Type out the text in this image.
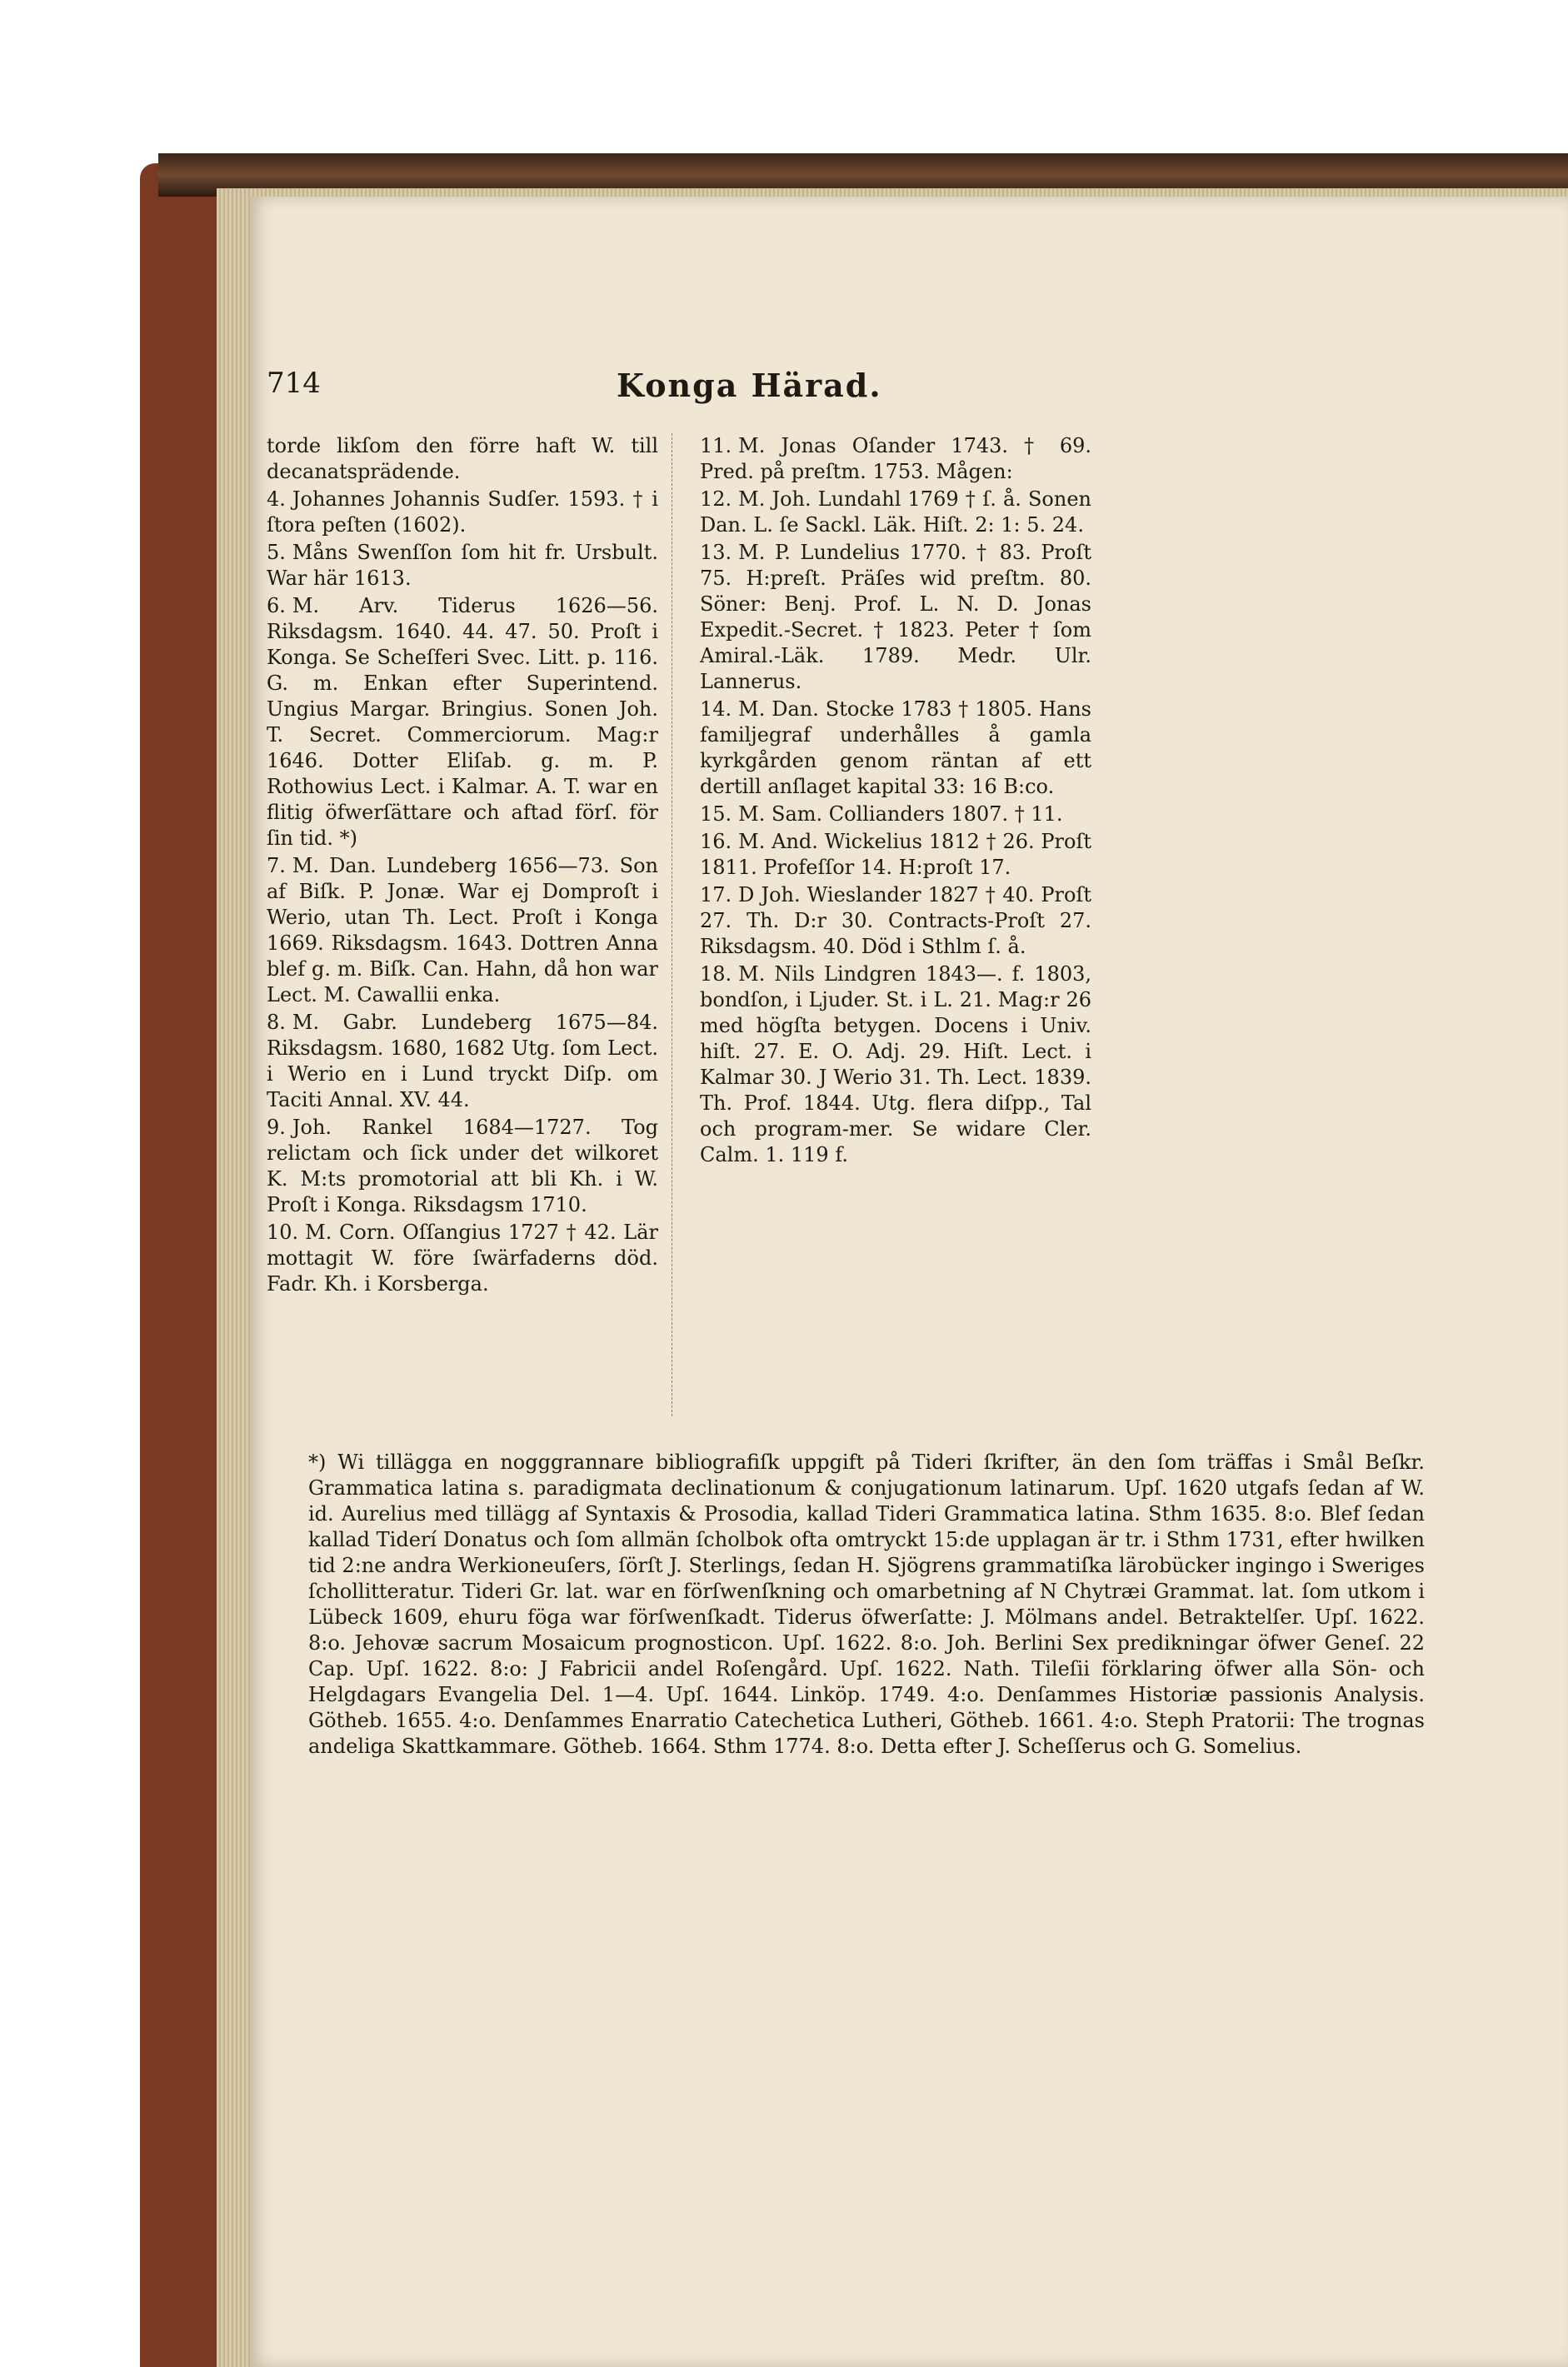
714	Konga Härad.

torde likſom den förre haft W. till decanatsprädende.

4. Johannes Johannis Sudſer. 1593. † i ſtora peſten (1602).

5. Måns Swenſſon ſom hit fr. Ursbult. War här 1613.

6. M. Arv. Tiderus 1626—56. Riksdagsm. 1640. 44. 47. 50. Proſt i Konga. Se Scheſferi Svec. Litt. p. 116. G. m. Enkan efter Superintend. Ungius Margar. Bringius. Sonen Joh. T. Secret. Commerciorum. Mag:r 1646. Dotter Eliſab. g. m. P. Rothowius Lect. i Kalmar. A. T. war en flitig öfwerſättare och aftad förſ. för ſin tid. *)

7. M. Dan. Lundeberg 1656—73. Son af Biſk. P. Jonæ. War ej Domproſt i Werio, utan Th. Lect. Proſt i Konga 1669. Riksdagsm. 1643. Dottren Anna blef g. m. Biſk. Can. Hahn, då hon war Lect. M. Cawallii enka.

8. M. Gabr. Lundeberg 1675—84. Riksdagsm. 1680, 1682 Utg. ſom Lect. i Werio en i Lund tryckt Diſp. om Taciti Annal. XV. 44.

9. Joh. Rankel 1684—1727. Tog relictam och ſick under det wilkoret K. M:ts promotorial att bli Kh. i W. Proſt i Konga. Riksdagsm 1710.

10. M. Corn. Oſſangius 1727 † 42. Lär mottagit W. före ſwärfaderns död. Fadr. Kh. i Korsberga.

11. M. Jonas Oſander 1743. † 69. Pred. på preſtm. 1753. Mågen:

12. M. Joh. Lundahl 1769 † ſ. å. Sonen Dan. L. ſe Sackl. Läk. Hiſt. 2: 1: 5. 24.

13. M. P. Lundelius 1770. † 83. Proſt 75. H:preſt. Präſes wid preſtm. 80. Söner: Benj. Prof. L. N. D. Jonas Expedit.-Secret. † 1823. Peter † ſom Amiral.-Läk. 1789. Medr. Ulr. Lannerus.

14. M. Dan. Stocke 1783 † 1805. Hans familjegraf underhålles å gamla kyrkgården genom räntan af ett dertill anſlaget kapital 33: 16 B:co.

15. M. Sam. Collianders 1807. † 11.

16. M. And. Wickelius 1812 † 26. Proſt 1811. Profeſſor 14. H:proſt 17.

17. D Joh. Wieslander 1827 † 40. Proſt 27. Th. D:r 30. Contracts-Proſt 27. Riksdagsm. 40. Död i Sthlm ſ. å.

18. M. Nils Lindgren 1843—. f. 1803, bondſon, i Ljuder. St. i L. 21. Mag:r 26 med högſta betygen. Docens i Univ. hiſt. 27. E. O. Adj. 29. Hiſt. Lect. i Kalmar 30. J Werio 31. Th. Lect. 1839. Th. Prof. 1844. Utg. flera diſpp., Tal och program-mer. Se widare Cler. Calm. 1. 119 f.

*) Wi tillägga en nogggrannare bibliografiſk uppgift på Tideri ſkrifter, än den ſom träffas i Smål Beſkr. Grammatica latina s. paradigmata declinationum & conjugationum latinarum. Upſ. 1620 utgafs ſedan af W. id. Aurelius med tillägg af Syntaxis & Prosodia, kallad Tideri Grammatica latina. Sthm 1635. 8:o. Blef ſedan kallad Tiderí Donatus och ſom allmän ſcholbok ofta omtryckt 15:de upplagan är tr. i Sthm 1731, efter hwilken tid 2:ne andra Werkioneuſers, ſörſt J. Sterlings, ſedan H. Sjögrens grammatiſka lärobücker ingingo i Sweriges ſchollitteratur. Tideri Gr. lat. war en förſwenſkning och omarbetning af N Chytræi Grammat. lat. ſom utkom i Lübeck 1609, ehuru föga war förſwenſkadt. Tiderus öfwerſatte: J. Mölmans andel. Betraktelſer. Upſ. 1622. 8:o. Jehovæ sacrum Mosaicum prognosticon. Upſ. 1622. 8:o. Joh. Berlini Sex predikningar öfwer Geneſ. 22 Cap. Upſ. 1622. 8:o: J Fabricii andel Roſengård. Upſ. 1622. Nath. Tileſii förklaring öfwer alla Sön- och Helgdagars Evangelia Del. 1—4. Upſ. 1644. Linköp. 1749. 4:o. Denſammes Historiæ passionis Analysis. Götheb. 1655. 4:o. Denſammes Enarratio Catechetica Lutheri, Götheb. 1661. 4:o. Steph Pratorii: The trognas andeliga Skattkammare. Götheb. 1664. Sthm 1774. 8:o. Detta efter J. Scheſſerus och G. Somelius.
